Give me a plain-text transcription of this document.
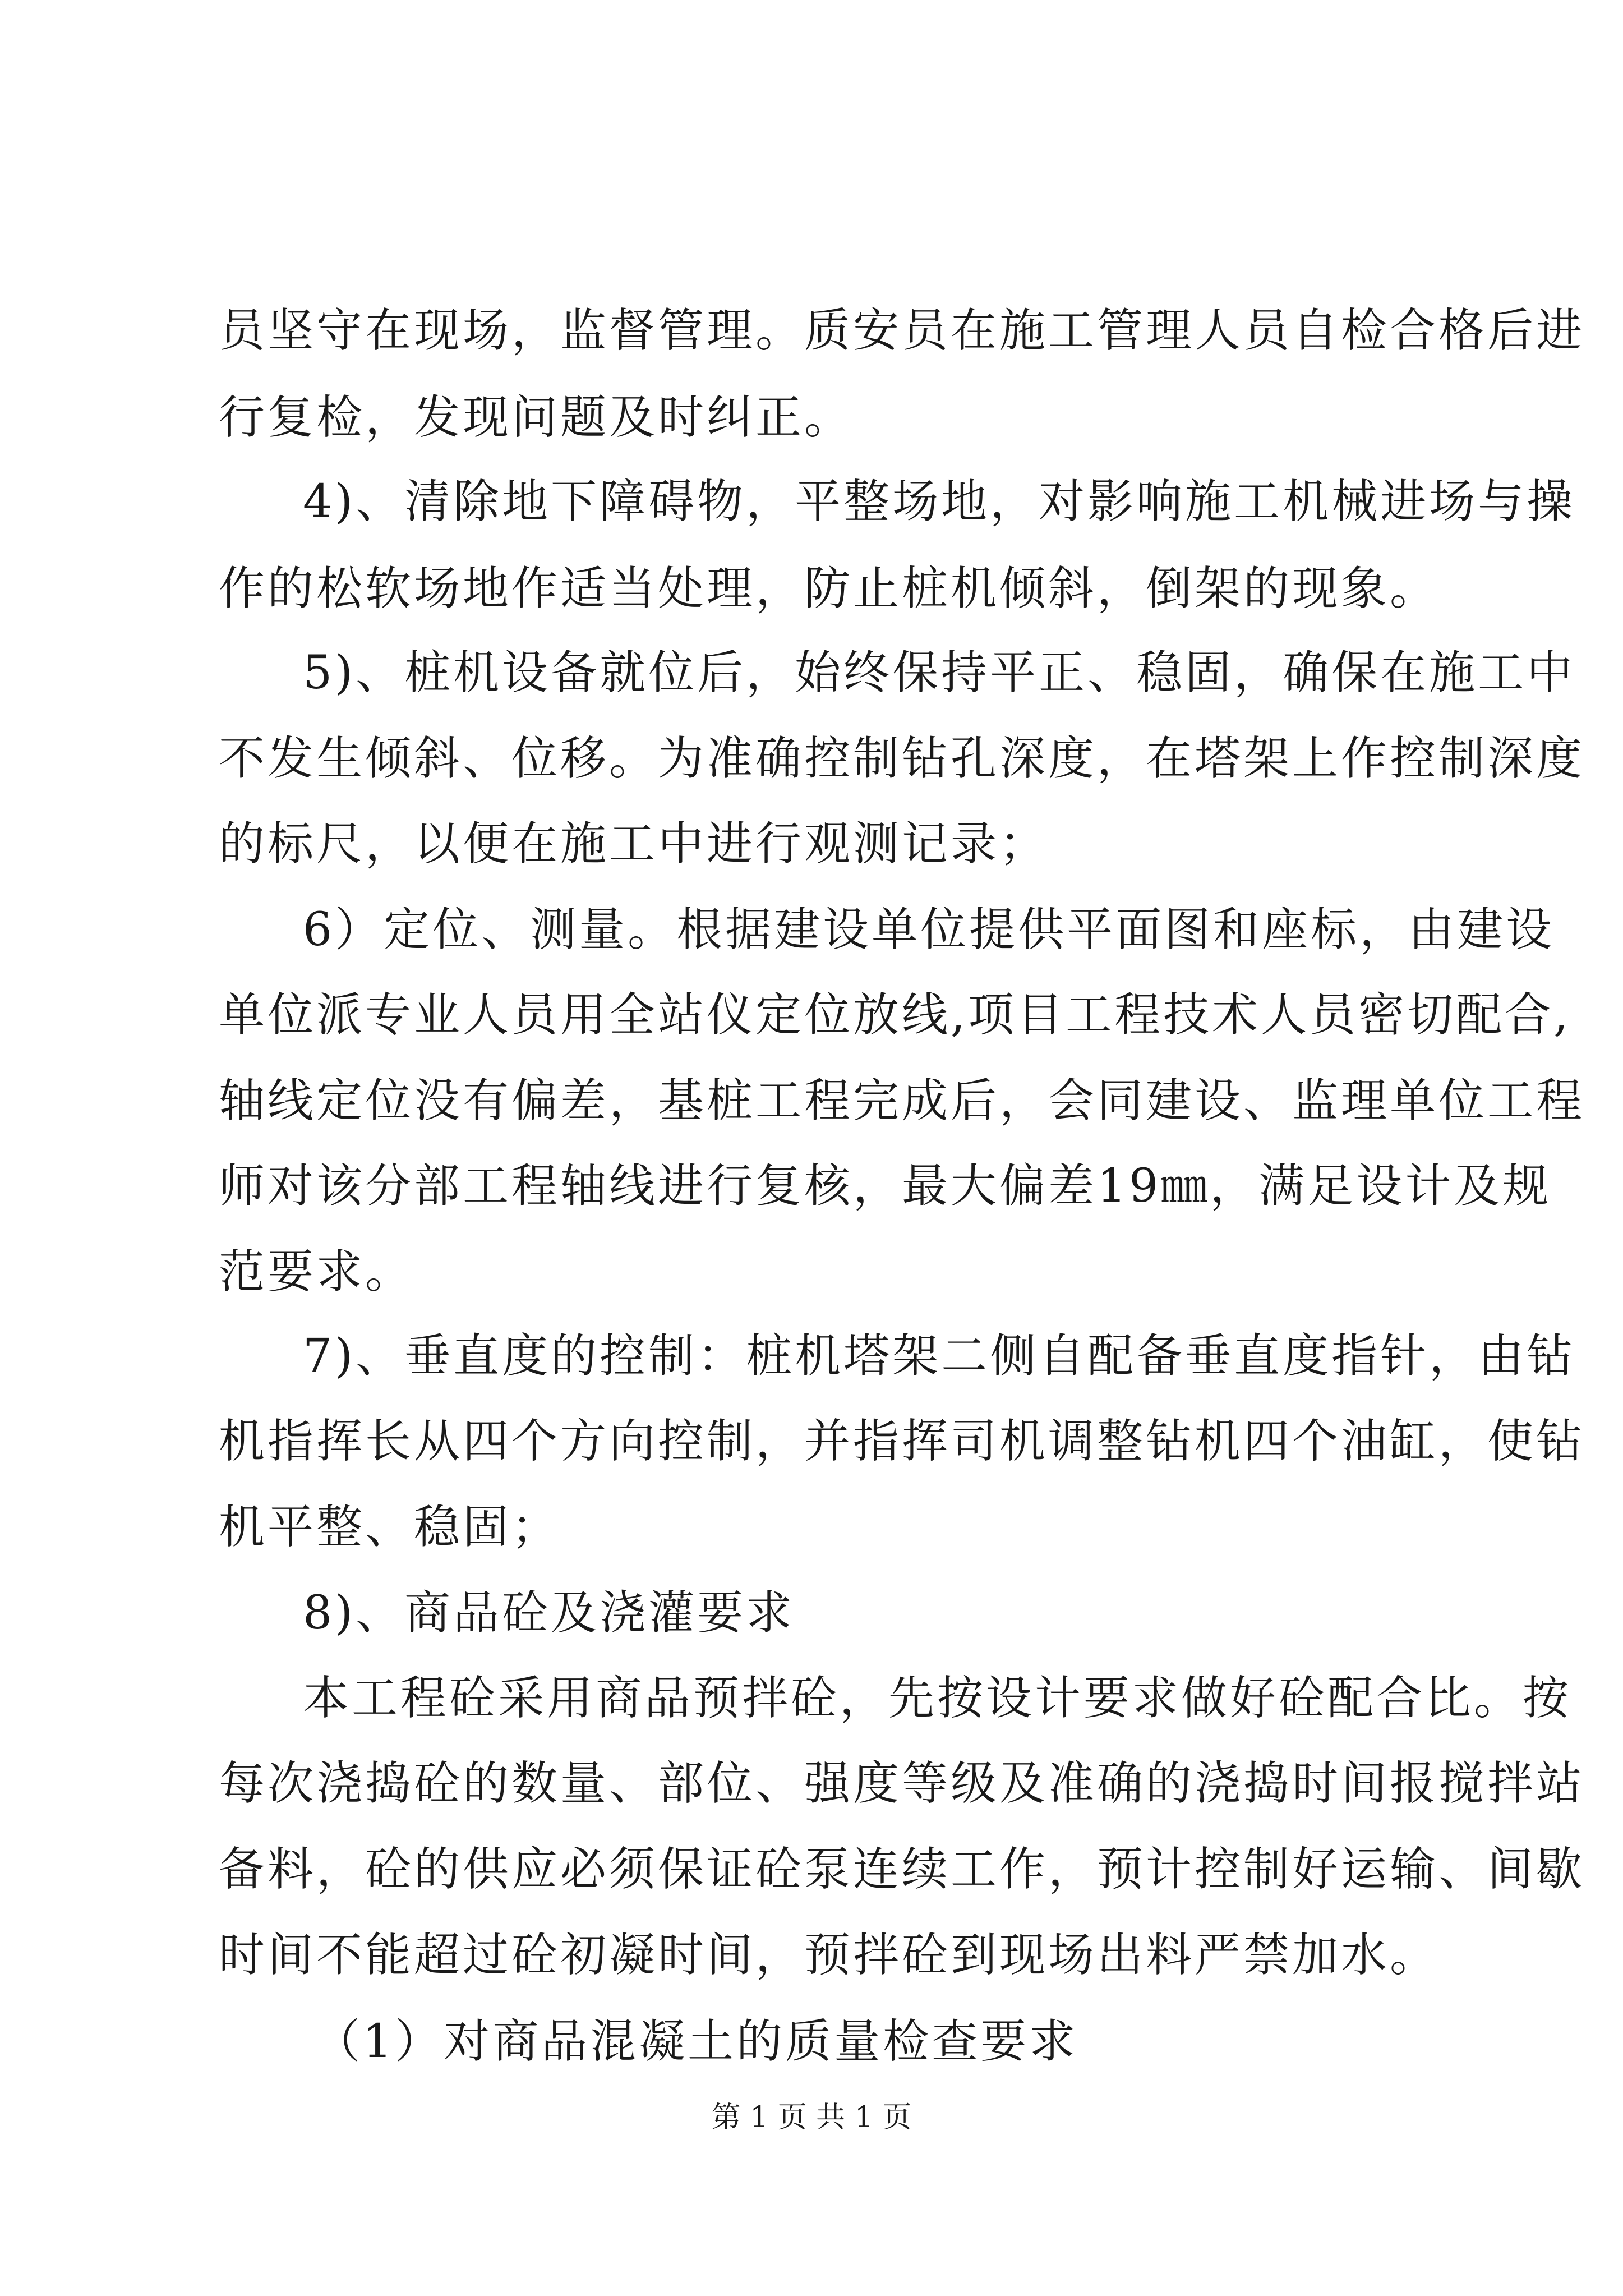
员坚守在现场，监督管理。质安员在施工管理人员自检合格后进
行复检，发现问题及时纠正。
4)、清除地下障碍物，平整场地，对影响施工机械进场与操
作的松软场地作适当处理，防止桩机倾斜，倒架的现象。
5)、桩机设备就位后，始终保持平正、稳固，确保在施工中
不发生倾斜、位移。为准确控制钻孔深度，在塔架上作控制深度
的标尺，以便在施工中进行观测记录；
6）定位、测量。根据建设单位提供平面图和座标，由建设
单位派专业人员用全站仪定位放线,项目工程技术人员密切配合,
轴线定位没有偏差，基桩工程完成后，会同建设、监理单位工程
师对该分部工程轴线进行复核，最大偏差19㎜，满足设计及规
范要求。
7)、垂直度的控制：桩机塔架二侧自配备垂直度指针，由钻
机指挥长从四个方向控制，并指挥司机调整钻机四个油缸，使钻
机平整、稳固；
8)、商品砼及浇灌要求
本工程砼采用商品预拌砼，先按设计要求做好砼配合比。按
每次浇捣砼的数量、部位、强度等级及准确的浇捣时间报搅拌站
备料，砼的供应必须保证砼泵连续工作，预计控制好运输、间歇
时间不能超过砼初凝时间，预拌砼到现场出料严禁加水。
（1）对商品混凝土的质量检查要求
第 1 页 共 1 页
